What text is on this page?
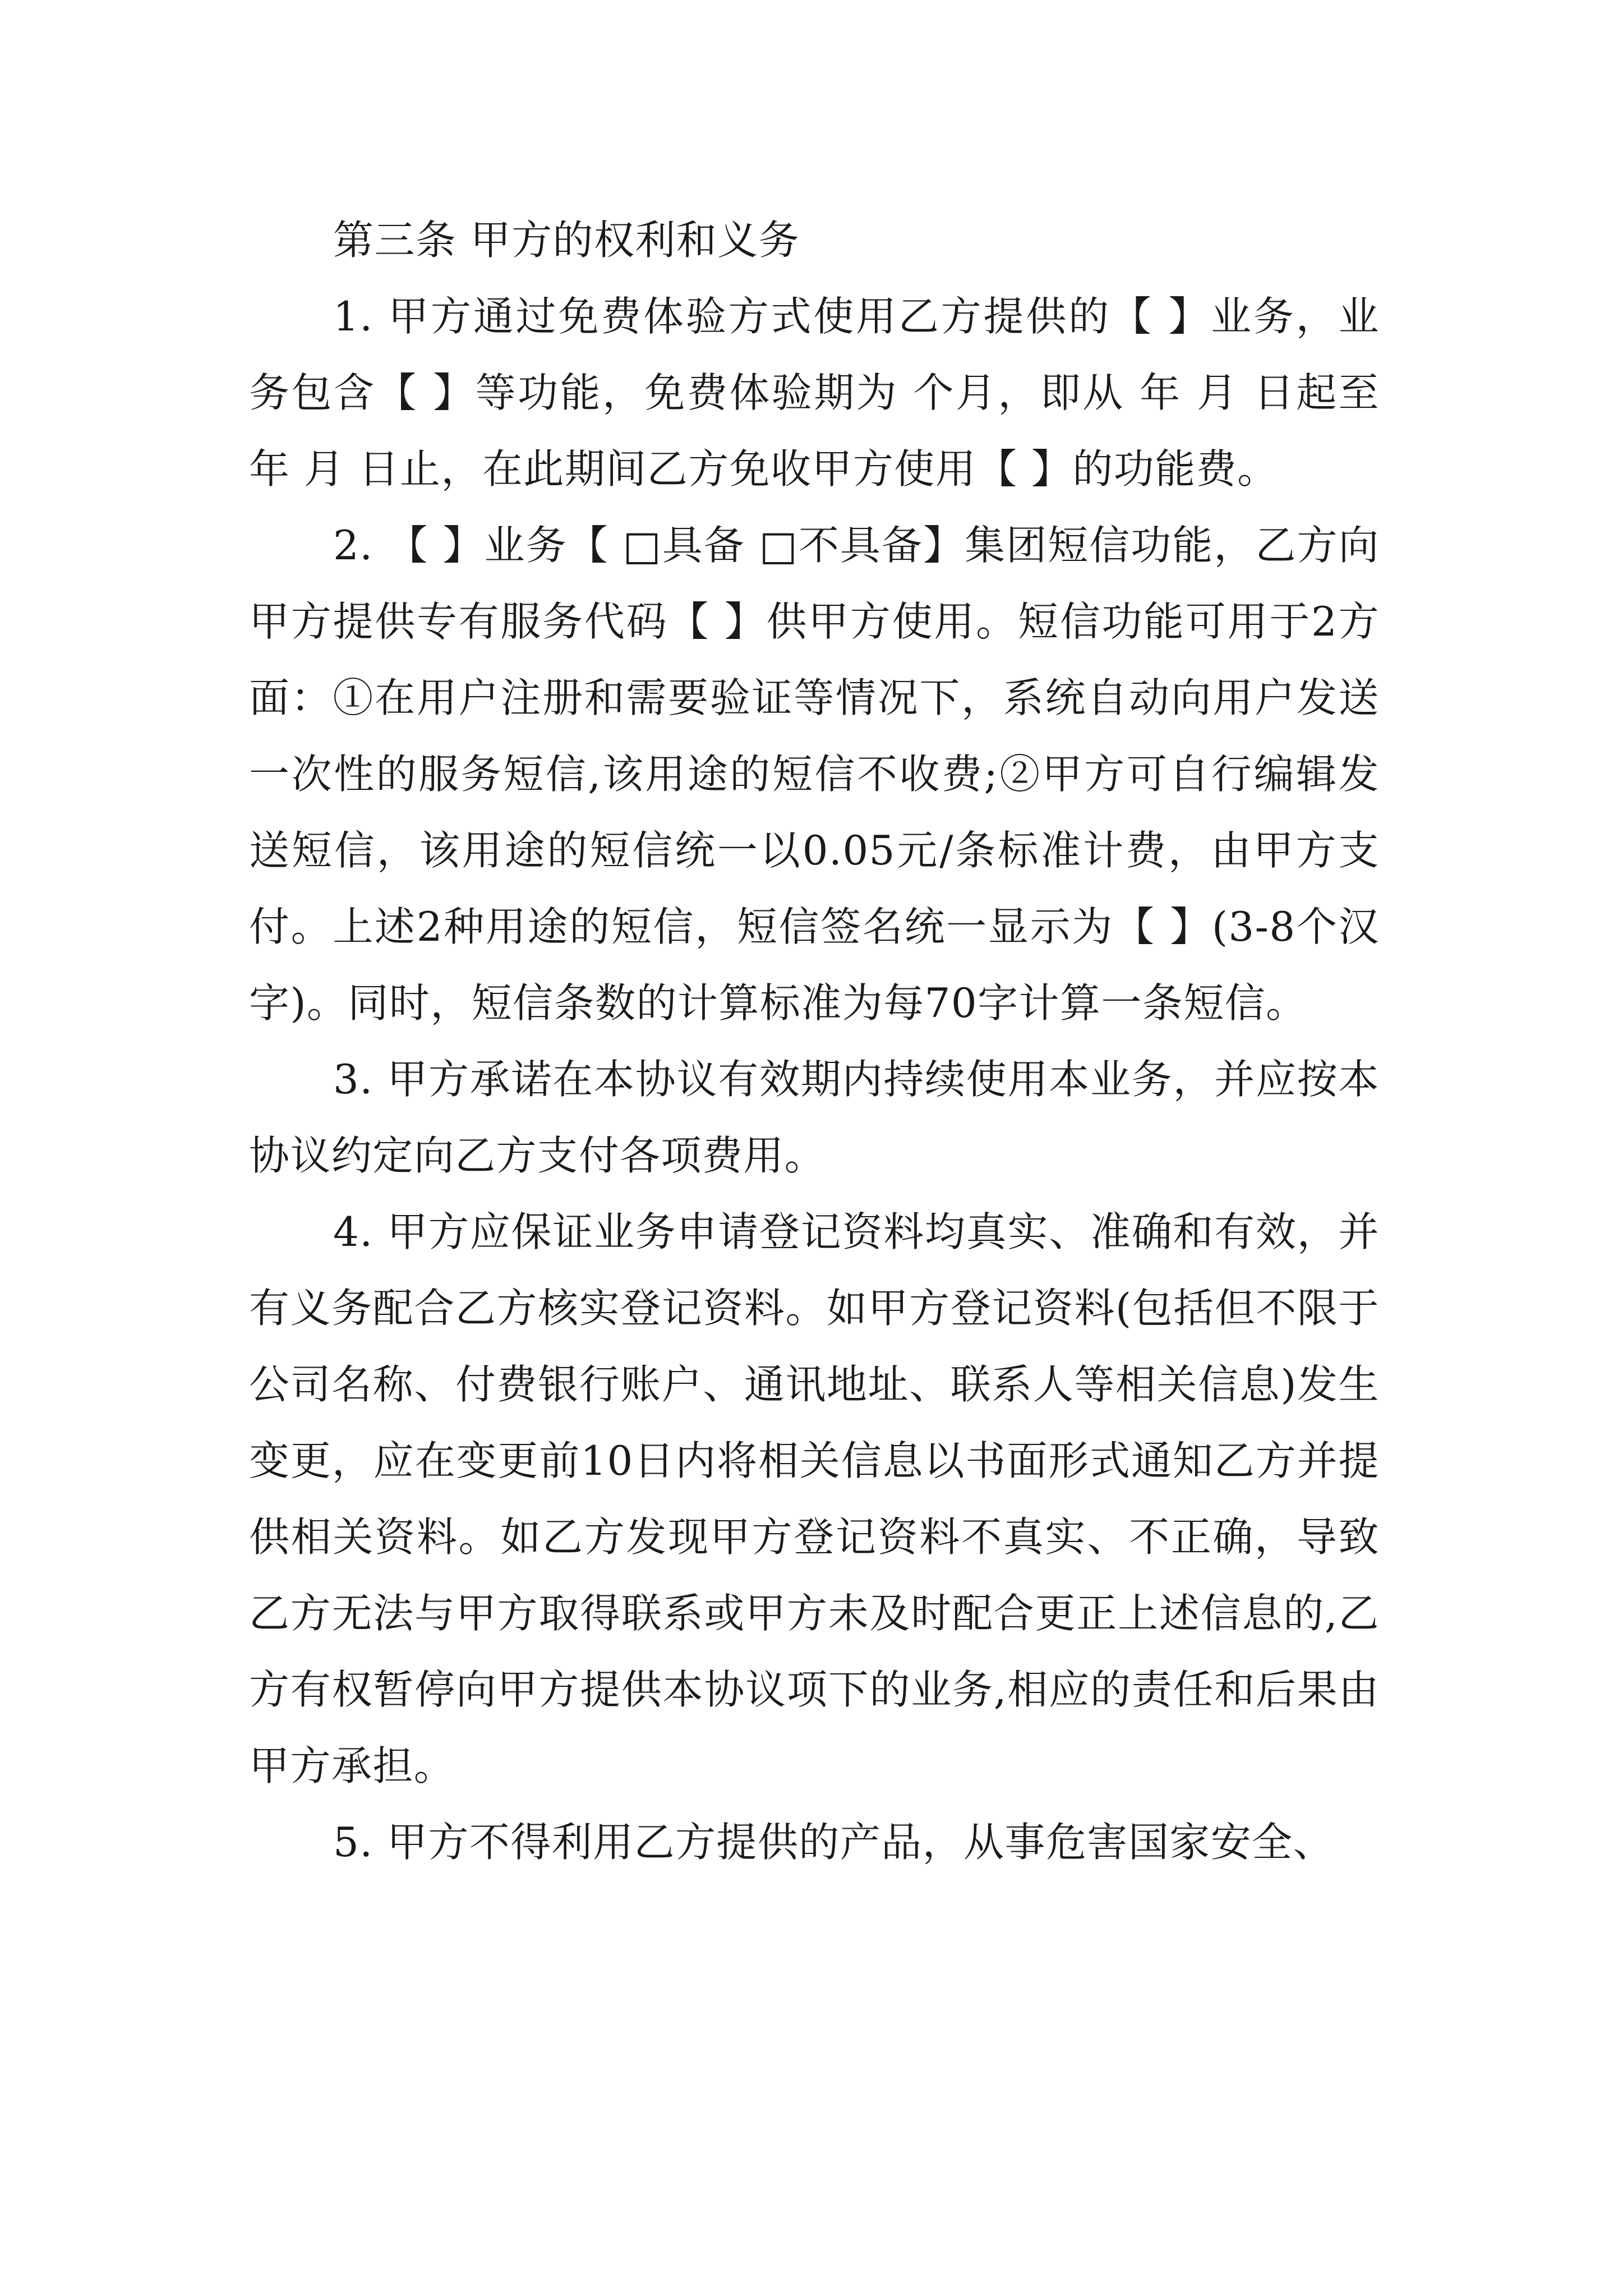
第三条 甲方的权利和义务

1. 甲方通过免费体验方式使用乙方提供的【 】业务，业务包含【 】等功能，免费体验期为 个月，即从 年 月 日起至 年 月 日止，在此期间乙方免收甲方使用【 】的功能费。

2. 【 】业务【 □具备 □不具备】集团短信功能，乙方向甲方提供专有服务代码【 】供甲方使用。短信功能可用于2方面：①在用户注册和需要验证等情况下，系统自动向用户发送一次性的服务短信,该用途的短信不收费;②甲方可自行编辑发送短信，该用途的短信统一以0.05元/条标准计费，由甲方支付。上述2种用途的短信，短信签名统一显示为【 】(3-8个汉字)。同时，短信条数的计算标准为每70字计算一条短信。

3. 甲方承诺在本协议有效期内持续使用本业务，并应按本协议约定向乙方支付各项费用。

4. 甲方应保证业务申请登记资料均真实、准确和有效，并有义务配合乙方核实登记资料。如甲方登记资料(包括但不限于公司名称、付费银行账户、通讯地址、联系人等相关信息)发生变更，应在变更前10日内将相关信息以书面形式通知乙方并提供相关资料。如乙方发现甲方登记资料不真实、不正确，导致乙方无法与甲方取得联系或甲方未及时配合更正上述信息的,乙方有权暂停向甲方提供本协议项下的业务,相应的责任和后果由甲方承担。

5. 甲方不得利用乙方提供的产品，从事危害国家安全、
